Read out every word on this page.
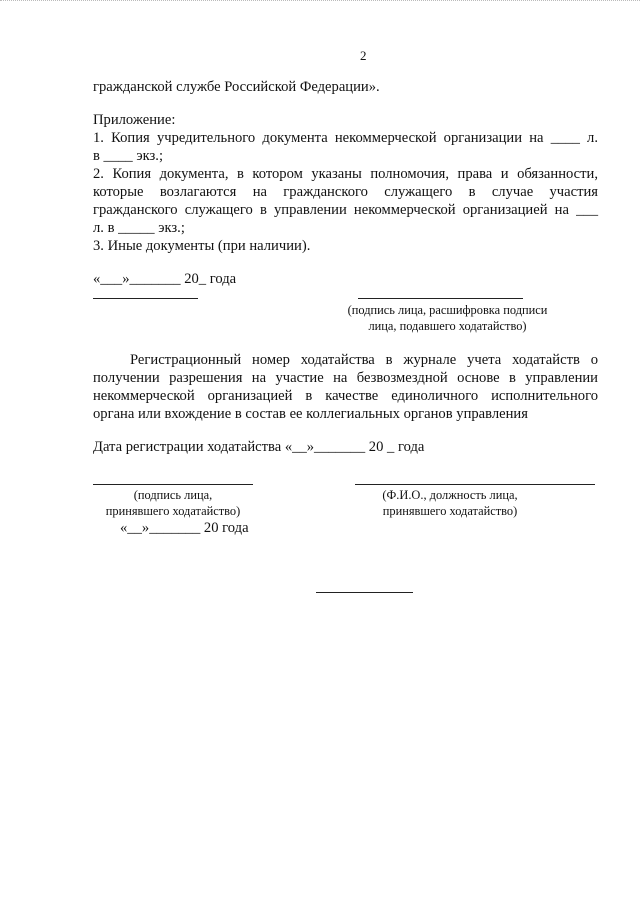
2

гражданской службе Российской Федерации».

Приложение:

1. Копия учредительного документа некоммерческой организации на ____ л.

в ____ экз.;

2. Копия документа, в котором указаны полномочия, права и обязанности,

которые возлагаются на гражданского служащего в случае участия

гражданского служащего в управлении некоммерческой организацией на ___

л. в _____ экз.;

3. Иные документы (при наличии).

«___»_______ 20_ года

(подпись лица, расшифровка подписи

лица, подавшего ходатайство)

Регистрационный номер ходатайства в журнале учета ходатайств о

получении разрешения на участие на безвозмездной основе в управлении

некоммерческой организацией в качестве единоличного исполнительного

органа или вхождение в состав ее коллегиальных органов управления

Дата регистрации ходатайства «__»_______ 20 _ года

(подпись лица,

принявшего ходатайство)

(Ф.И.О., должность лица,

принявшего ходатайство)

«__»_______ 20 года
